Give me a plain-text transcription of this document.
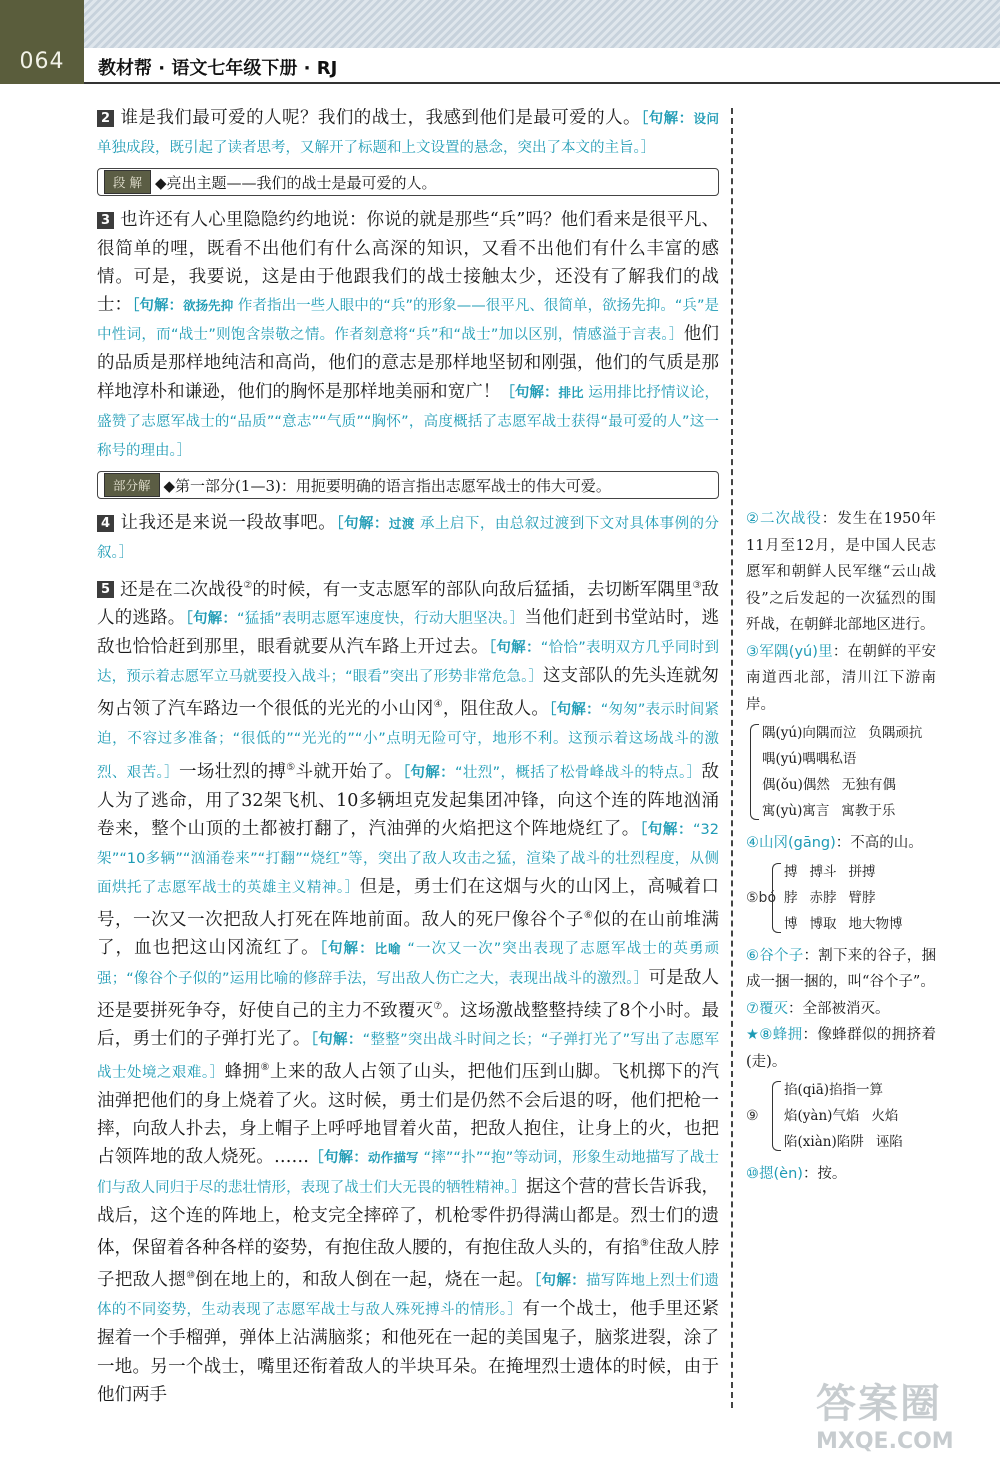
064 教材帮 · 语文七年级下册 · RJ

2 谁是我们最可爱的人呢？我们的战士，我感到他们是最可爱的人。［句解：设问 单独成段，既引起了读者思考，又解开了标题和上文设置的悬念，突出了本文的主旨。］

段 解 ◆亮出主题——我们的战士是最可爱的人。

3 也许还有人心里隐隐约约地说：你说的就是那些“兵”吗？他们看来是很平凡、很简单的哩，既看不出他们有什么高深的知识，又看不出他们有什么丰富的感情。可是，我要说，这是由于他跟我们的战士接触太少，还没有了解我们的战士：［句解：欲扬先抑 作者指出一些人眼中的“兵”的形象——很平凡、很简单，欲扬先抑。“兵”是中性词，而“战士”则饱含崇敬之情。作者刻意将“兵”和“战士”加以区别，情感溢于言表。］他们的品质是那样地纯洁和高尚，他们的意志是那样地坚韧和刚强，他们的气质是那样地淳朴和谦逊，他们的胸怀是那样地美丽和宽广！［句解：排比 运用排比抒情议论，盛赞了志愿军战士的“品质”“意志”“气质”“胸怀”，高度概括了志愿军战士获得“最可爱的人”这一称号的理由。］

部分解 ◆第一部分(1—3)：用扼要明确的语言指出志愿军战士的伟大可爱。

4 让我还是来说一段故事吧。［句解：过渡 承上启下，由总叙过渡到下文对具体事例的分叙。］

5 还是在二次战役②的时候，有一支志愿军的部队向敌后猛插，去切断军隅里③敌人的逃路。［句解：“猛插”表明志愿军速度快，行动大胆坚决。］当他们赶到书堂站时，逃敌也恰恰赶到那里，眼看就要从汽车路上开过去。［句解：“恰恰”表明双方几乎同时到达，预示着志愿军立马就要投入战斗；“眼看”突出了形势非常危急。］这支部队的先头连就匆匆占领了汽车路边一个很低的光光的小山冈④，阻住敌人。［句解：“匆匆”表示时间紧迫，不容过多准备；“很低的”“光光的”“小”点明无险可守，地形不利。这预示着这场战斗的激烈、艰苦。］一场壮烈的搏⑤斗就开始了。［句解：“壮烈”，概括了松骨峰战斗的特点。］敌人为了逃命，用了32架飞机、10多辆坦克发起集团冲锋，向这个连的阵地汹涌卷来，整个山顶的土都被打翻了，汽油弹的火焰把这个阵地烧红了。［句解：“32架”“10多辆”“汹涌卷来”“打翻”“烧红”等，突出了敌人攻击之猛，渲染了战斗的壮烈程度，从侧面烘托了志愿军战士的英雄主义精神。］但是，勇士们在这烟与火的山冈上，高喊着口号，一次又一次把敌人打死在阵地前面。敌人的死尸像谷个子⑥似的在山前堆满了，血也把这山冈流红了。［句解：比喻 “一次又一次”突出表现了志愿军战士的英勇顽强；“像谷个子似的”运用比喻的修辞手法，写出敌人伤亡之大，表现出战斗的激烈。］可是敌人还是要拼死争夺，好使自己的主力不致覆灭⑦。这场激战整整持续了8个小时。最后，勇士们的子弹打光了。［句解：“整整”突出战斗时间之长；“子弹打光了”写出了志愿军战士处境之艰难。］蜂拥⑧上来的敌人占领了山头，把他们压到山脚。飞机掷下的汽油弹把他们的身上烧着了火。这时候，勇士们是仍然不会后退的呀，他们把枪一摔，向敌人扑去，身上帽子上呼呼地冒着火苗，把敌人抱住，让身上的火，也把占领阵地的敌人烧死。……［句解：动作描写 “摔”“扑”“抱”等动词，形象生动地描写了战士们与敌人同归于尽的悲壮情形，表现了战士们大无畏的牺牲精神。］据这个营的营长告诉我，战后，这个连的阵地上，枪支完全摔碎了，机枪零件扔得满山都是。烈士们的遗体，保留着各种各样的姿势，有抱住敌人腰的，有抱住敌人头的，有掐⑨住敌人脖子把敌人摁⑩倒在地上的，和敌人倒在一起，烧在一起。［句解：描写阵地上烈士们遗体的不同姿势，生动表现了志愿军战士与敌人殊死搏斗的情形。］有一个战士，他手里还紧握着一个手榴弹，弹体上沾满脑浆；和他死在一起的美国鬼子，脑浆进裂，涂了一地。另一个战士，嘴里还衔着敌人的半块耳朵。在掩埋烈士遗体的时候，由于他们两手

②二次战役：发生在1950年11月至12月，是中国人民志愿军和朝鲜人民军继“云山战役”之后发起的一次猛烈的围歼战，在朝鲜北部地区进行。

③军隅(yú)里：在朝鲜的平安南道西北部，清川江下游南岸。

隅(yú)向隅而泣 负隅顽抗
喁(yú)喁喁私语
偶(ǒu)偶然 无独有偶
寓(yù)寓言 寓教于乐

④山冈(gāng)：不高的山。

⑤bó
搏 搏斗 拼搏
脖 赤脖 臂脖
博 博取 地大物博

⑥谷个子：割下来的谷子，捆成一捆一捆的，叫“谷个子”。

⑦覆灭：全部被消灭。

★⑧蜂拥：像蜂群似的拥挤着(走)。

⑨
掐(qiā)掐指一算
焰(yàn)气焰 火焰
陷(xiàn)陷阱 诬陷

⑩摁(èn)：按。

答案圈
MXQE.COM
